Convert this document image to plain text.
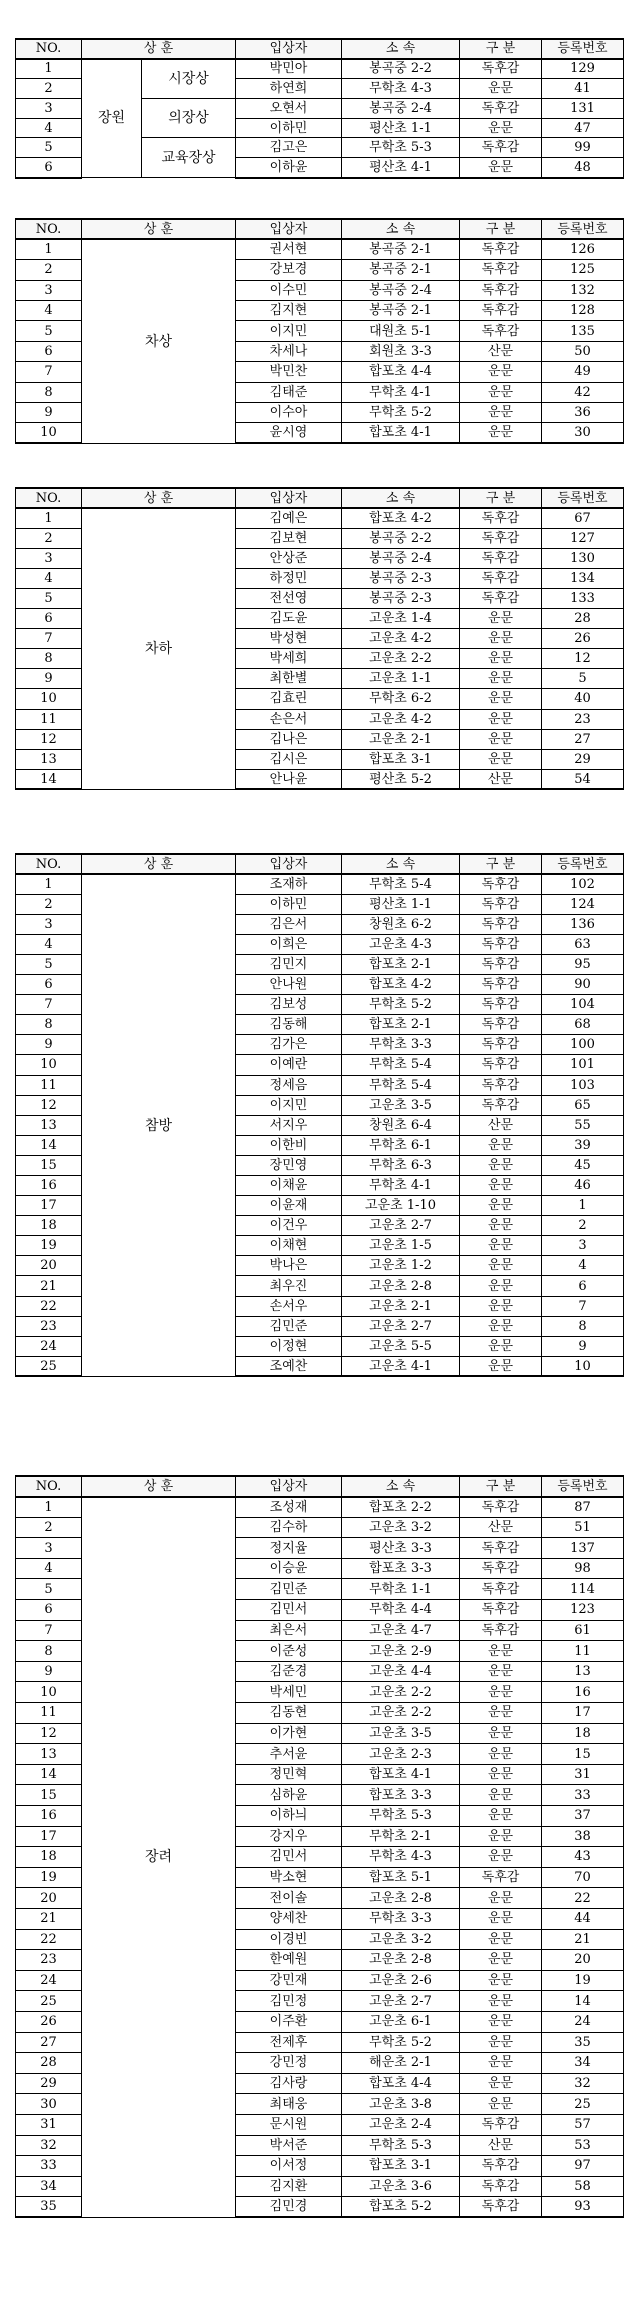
NO.	상 훈		입상자	소 속	구 분	등록번호
1	장원	시장상	박민아	봉곡중 2-2	독후감	129
2			하연희	무학초 4-3	운문	41
3		의장상	오현서	봉곡중 2-4	독후감	131
4			이하민	평산초 1-1	운문	47
5		교육장상	김고은	무학초 5-3	독후감	99
6			이하윤	평산초 4-1	운문	48
NO.	상 훈	입상자	소 속	구 분	등록번호
1	차상	권서현	봉곡중 2-1	독후감	126
2		강보경	봉곡중 2-1	독후감	125
3		이수민	봉곡중 2-4	독후감	132
4		김지현	봉곡중 2-1	독후감	128
5		이지민	대원초 5-1	독후감	135
6		차세나	회원초 3-3	산문	50
7		박민찬	합포초 4-4	운문	49
8		김태준	무학초 4-1	운문	42
9		이수아	무학초 5-2	운문	36
10		윤시영	합포초 4-1	운문	30
NO.	상 훈	입상자	소 속	구 분	등록번호
1	차하	김예은	합포초 4-2	독후감	67
2		김보현	봉곡중 2-2	독후감	127
3		안상준	봉곡중 2-4	독후감	130
4		하정민	봉곡중 2-3	독후감	134
5		전선영	봉곡중 2-3	독후감	133
6		김도윤	고운초 1-4	운문	28
7		박성현	고운초 4-2	운문	26
8		박세희	고운초 2-2	운문	12
9		최한별	고운초 1-1	운문	5
10		김효린	무학초 6-2	운문	40
11		손은서	고운초 4-2	운문	23
12		김나은	고운초 2-1	운문	27
13		김시은	합포초 3-1	운문	29
14		안나윤	평산초 5-2	산문	54
NO.	상 훈	입상자	소 속	구 분	등록번호
1	참방	조재하	무학초 5-4	독후감	102
2		이하민	평산초 1-1	독후감	124
3		김은서	창원초 6-2	독후감	136
4		이희은	고운초 4-3	독후감	63
5		김민지	합포초 2-1	독후감	95
6		안나원	합포초 4-2	독후감	90
7		김보성	무학초 5-2	독후감	104
8		김동해	합포초 2-1	독후감	68
9		김가은	무학초 3-3	독후감	100
10		이예란	무학초 5-4	독후감	101
11		정세음	무학초 5-4	독후감	103
12		이지민	고운초 3-5	독후감	65
13		서지우	창원초 6-4	산문	55
14		이한비	무학초 6-1	운문	39
15		장민영	무학초 6-3	운문	45
16		이채윤	무학초 4-1	운문	46
17		이윤재	고운초 1-10	운문	1
18		이건우	고운초 2-7	운문	2
19		이채현	고운초 1-5	운문	3
20		박나은	고운초 1-2	운문	4
21		최우진	고운초 2-8	운문	6
22		손서우	고운초 2-1	운문	7
23		김민준	고운초 2-7	운문	8
24		이정현	고운초 5-5	운문	9
25		조예찬	고운초 4-1	운문	10
NO.	상 훈	입상자	소 속	구 분	등록번호
1	장려	조성재	합포초 2-2	독후감	87
2		김수하	고운초 3-2	산문	51
3		정지율	평산초 3-3	독후감	137
4		이승윤	합포초 3-3	독후감	98
5		김민준	무학초 1-1	독후감	114
6		김민서	무학초 4-4	독후감	123
7		최은서	고운초 4-7	독후감	61
8		이준성	고운초 2-9	운문	11
9		김준경	고운초 4-4	운문	13
10		박세민	고운초 2-2	운문	16
11		김동현	고운초 2-2	운문	17
12		이가현	고운초 3-5	운문	18
13		추서윤	고운초 2-3	운문	15
14		정민혁	합포초 4-1	운문	31
15		심하윤	합포초 3-3	운문	33
16		이하늬	무학초 5-3	운문	37
17		강지우	무학초 2-1	운문	38
18		김민서	무학초 4-3	운문	43
19		박소현	합포초 5-1	독후감	70
20		전이솔	고운초 2-8	운문	22
21		양세찬	무학초 3-3	운문	44
22		이경빈	고운초 3-2	운문	21
23		한예원	고운초 2-8	운문	20
24		강민재	고운초 2-6	운문	19
25		김민정	고운초 2-7	운문	14
26		이주환	고운초 6-1	운문	24
27		전제후	무학초 5-2	운문	35
28		강민정	해운초 2-1	운문	34
29		김사랑	합포초 4-4	운문	32
30		최태웅	고운초 3-8	운문	25
31		문시원	고운초 2-4	독후감	57
32		박서준	무학초 5-3	산문	53
33		이서정	합포초 3-1	독후감	97
34		김지환	고운초 3-6	독후감	58
35		김민경	합포초 5-2	독후감	93
